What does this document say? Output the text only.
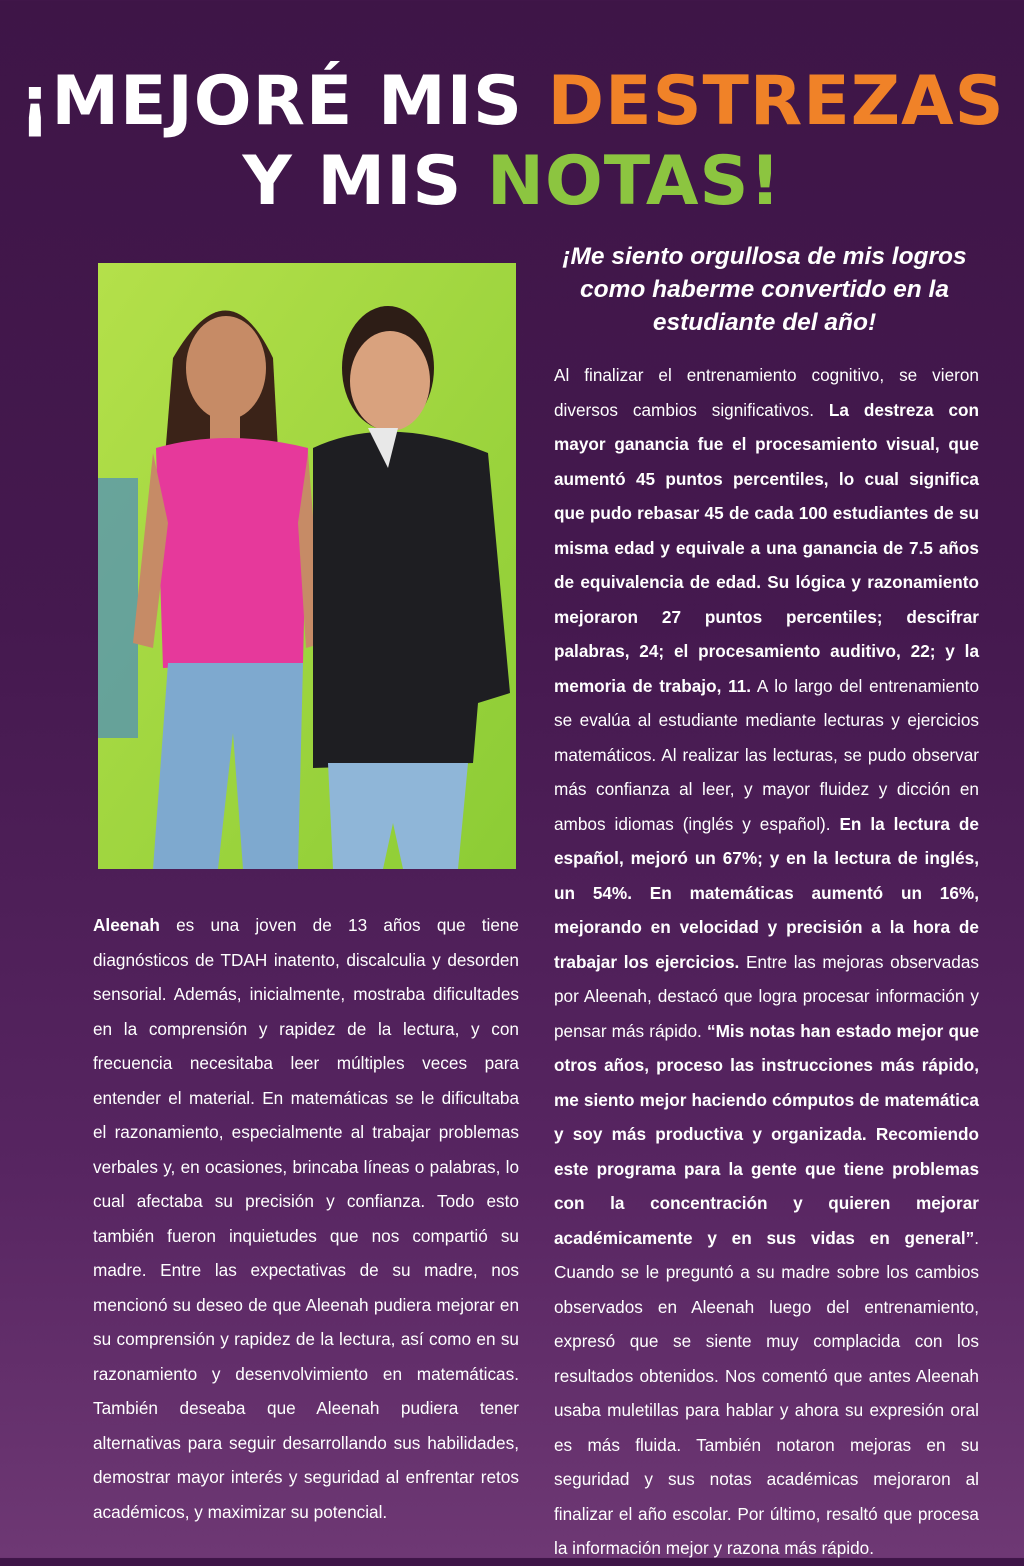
¡MEJORÉ MIS DESTREZAS
Y MIS NOTAS!
¡Me siento orgullosa de mis logros como haberme convertido en la estudiante del año!

Aleenah es una joven de 13 años que tiene diagnósticos de TDAH inatento, discalculia y desorden sensorial. Además, inicialmente, mostraba dificultades en la comprensión y rapidez de la lectura, y con frecuencia necesitaba leer múltiples veces para entender el material. En matemáticas se le dificultaba el razonamiento, especialmente al trabajar problemas verbales y, en ocasiones, brincaba líneas o palabras, lo cual afectaba su precisión y confianza. Todo esto también fueron inquietudes que nos compartió su madre. Entre las expectativas de su madre, nos mencionó su deseo de que Aleenah pudiera mejorar en su comprensión y rapidez de la lectura, así como en su razonamiento y desenvolvimiento en matemáticas. También deseaba que Aleenah pudiera tener alternativas para seguir desarrollando sus habilidades, demostrar mayor interés y seguridad al enfrentar retos académicos, y maximizar su potencial.

Al finalizar el entrenamiento cognitivo, se vieron diversos cambios significativos. La destreza con mayor ganancia fue el procesamiento visual, que aumentó 45 puntos percentiles, lo cual significa que pudo rebasar 45 de cada 100 estudiantes de su misma edad y equivale a una ganancia de 7.5 años de equivalencia de edad. Su lógica y razonamiento mejoraron 27 puntos percentiles; descifrar palabras, 24; el procesamiento auditivo, 22; y la memoria de trabajo, 11. A lo largo del entrenamiento se evalúa al estudiante mediante lecturas y ejercicios matemáticos. Al realizar las lecturas, se pudo observar más confianza al leer, y mayor fluidez y dicción en ambos idiomas (inglés y español). En la lectura de español, mejoró un 67%; y en la lectura de inglés, un 54%. En matemáticas aumentó un 16%, mejorando en velocidad y precisión a la hora de trabajar los ejercicios. Entre las mejoras observadas por Aleenah, destacó que logra procesar información y pensar más rápido. “Mis notas han estado mejor que otros años, proceso las instrucciones más rápido, me siento mejor haciendo cómputos de matemática y soy más productiva y organizada. Recomiendo este programa para la gente que tiene problemas con la concentración y quieren mejorar académicamente y en sus vidas en general”. Cuando se le preguntó a su madre sobre los cambios observados en Aleenah luego del entrenamiento, expresó que se siente muy complacida con los resultados obtenidos. Nos comentó que antes Aleenah usaba muletillas para hablar y ahora su expresión oral es más fluida. También notaron mejoras en su seguridad y sus notas académicas mejoraron al finalizar el año escolar. Por último, resaltó que procesa la información mejor y razona más rápido.
